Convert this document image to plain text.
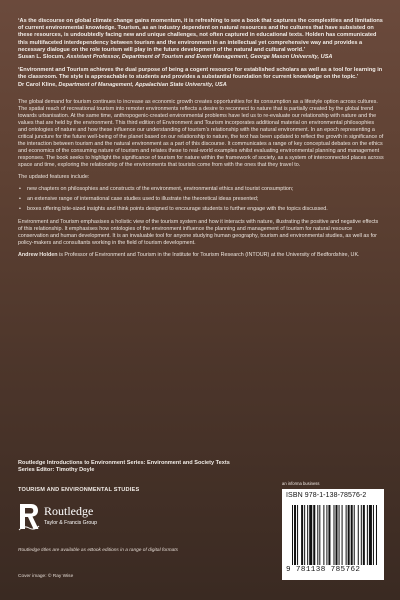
‘As the discourse on global climate change gains momentum, it is refreshing to see a book that captures the complexities and limitations of current environmental knowledge. Tourism, as an industry dependent on natural resources and the cultures that have subsisted on these resources, is undoubtedly facing new and unique challenges, not often captured in educational texts. Holden has communicated this multifaceted interdependency between tourism and the environment in an intellectual yet comprehensive way and provides a necessary dialogue on the role tourism will play in the future development of the natural and cultural world.’

Susan L. Slocum, Assistant Professor, Department of Tourism and Event Management, George Mason University, USA

‘Environment and Tourism achieves the dual purpose of being a cogent resource for established scholars as well as a tool for learning in the classroom. The style is approachable to students and provides a substantial foundation for current knowledge on the topic.’

Dr Carol Kline, Department of Management, Appalachian State University, USA

The global demand for tourism continues to increase as economic growth creates opportunities for its consumption as a lifestyle option across cultures. The spatial reach of recreational tourism into remoter environments reflects a desire to reconnect to nature that is partially created by the global trend towards urbanisation. At the same time, anthropogenic-created environmental problems have led us to re-evaluate our relationship with nature and the values that are held by the environment. This third edition of Environment and Tourism incorporates additional material on environmental philosophies and ontologies of nature and how these influence our understanding of tourism’s relationship with the natural environment. In an epoch representing a critical juncture for the future well-being of the planet based on our relationship to nature, the text has been updated to reflect the growth in significance of the interaction between tourism and the natural environment as a part of this discourse. It communicates a range of key conceptual debates on the ethics and economics of the consuming nature of tourism and relates these to real-world examples whilst evaluating environmental planning and management responses. The book seeks to highlight the significance of tourism for nature within the framework of society, as a system of interconnected places across space and time, exploring the relationship of the environments that tourists come from with the ones that they travel to.

The updated features include:

• new chapters on philosophies and constructs of the environment, environmental ethics and tourist consumption;
• an extensive range of international case studies used to illustrate the theoretical ideas presented;
• boxes offering bite-sized insights and think points designed to encourage students to further engage with the topics discussed.

Environment and Tourism emphasises a holistic view of the tourism system and how it interacts with nature, illustrating the positive and negative effects of this relationship. It emphasises how ontologies of the environment influence the planning and management of tourism for natural resource conservation and human development. It is an invaluable tool for anyone studying human geography, tourism and environmental studies, as well as for policy-makers and consultants working in the field of tourism development.

Andrew Holden is Professor of Environment and Tourism in the Institute for Tourism Research (INTOUR) at the University of Bedfordshire, UK.

Routledge Introductions to Environment Series: Environment and Society Texts
Series Editor: Timothy Doyle
TOURISM AND ENVIRONMENTAL STUDIES
Routledge
Taylor & Francis Group
Routledge titles are available as eBook editions in a range of digital formats
Cover image: © Ray Wise
an informa business
ISBN 978-1-138-78576-2
9 781138 785762
